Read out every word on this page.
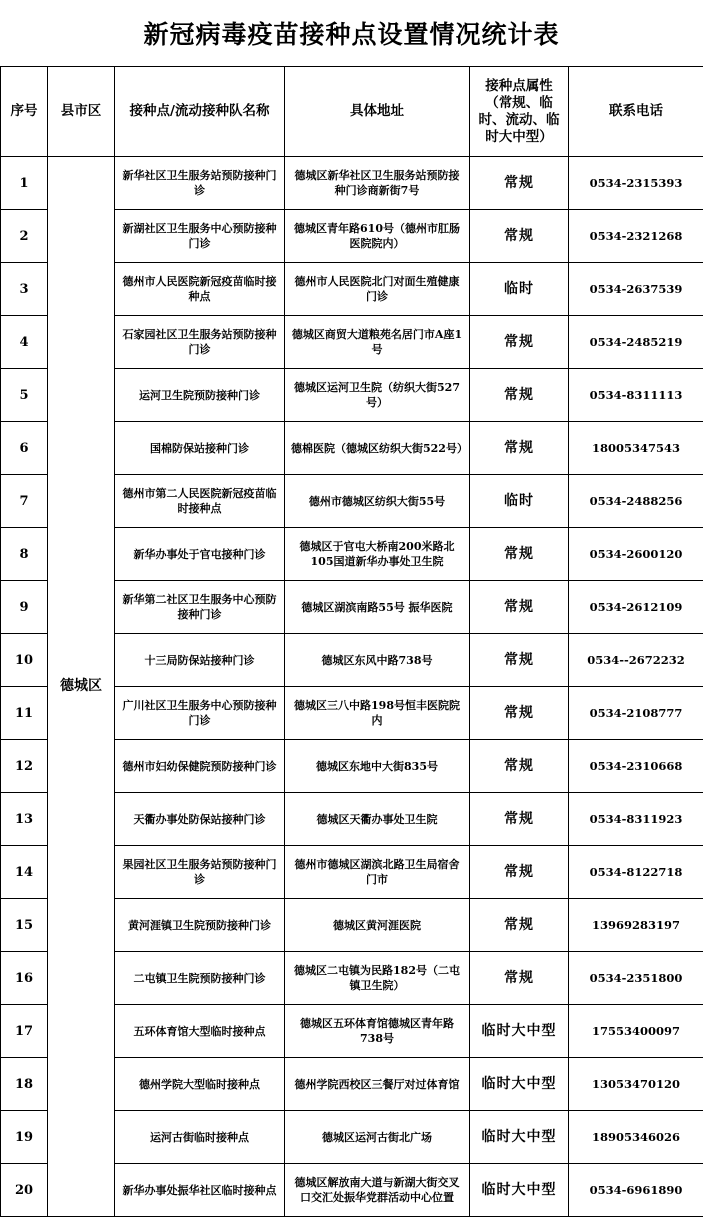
新冠病毒疫苗接种点设置情况统计表
序号	县市区	接种点/流动接种队名称	具体地址	接种点属性（常规、临时、流动、临时大中型）	联系电话
1	德城区	新华社区卫生服务站预防接种门诊	德城区新华社区卫生服务站预防接种门诊商新街7号	常规	0534-2315393
2		新湖社区卫生服务中心预防接种门诊	德城区青年路610号（德州市肛肠医院院内）	常规	0534-2321268
3		德州市人民医院新冠疫苗临时接种点	德州市人民医院北门对面生殖健康门诊	临时	0534-2637539
4		石家园社区卫生服务站预防接种门诊	德城区商贸大道粮苑名居门市A座1号	常规	0534-2485219
5		运河卫生院预防接种门诊	德城区运河卫生院（纺织大街527号）	常规	0534-8311113
6		国棉防保站接种门诊	德棉医院（德城区纺织大街522号）	常规	18005347543
7		德州市第二人民医院新冠疫苗临时接种点	德州市德城区纺织大街55号	临时	0534-2488256
8		新华办事处于官屯接种门诊	德城区于官屯大桥南200米路北105国道新华办事处卫生院	常规	0534-2600120
9		新华第二社区卫生服务中心预防接种门诊	德城区湖滨南路55号 振华医院	常规	0534-2612109
10		十三局防保站接种门诊	德城区东风中路738号	常规	0534--2672232
11		广川社区卫生服务中心预防接种门诊	德城区三八中路198号恒丰医院院内	常规	0534-2108777
12		德州市妇幼保健院预防接种门诊	德城区东地中大街835号	常规	0534-2310668
13		天衢办事处防保站接种门诊	德城区天衢办事处卫生院	常规	0534-8311923
14		果园社区卫生服务站预防接种门诊	德州市德城区湖滨北路卫生局宿舍门市	常规	0534-8122718
15		黄河涯镇卫生院预防接种门诊	德城区黄河涯医院	常规	13969283197
16		二屯镇卫生院预防接种门诊	德城区二屯镇为民路182号（二屯镇卫生院）	常规	0534-2351800
17		五环体育馆大型临时接种点	德城区五环体育馆德城区青年路738号	临时大中型	17553400097
18		德州学院大型临时接种点	德州学院西校区三餐厅对过体育馆	临时大中型	13053470120
19		运河古街临时接种点	德城区运河古街北广场	临时大中型	18905346026
20		新华办事处振华社区临时接种点	德城区解放南大道与新湖大街交叉口交汇处振华党群活动中心位置	临时大中型	0534-6961890
